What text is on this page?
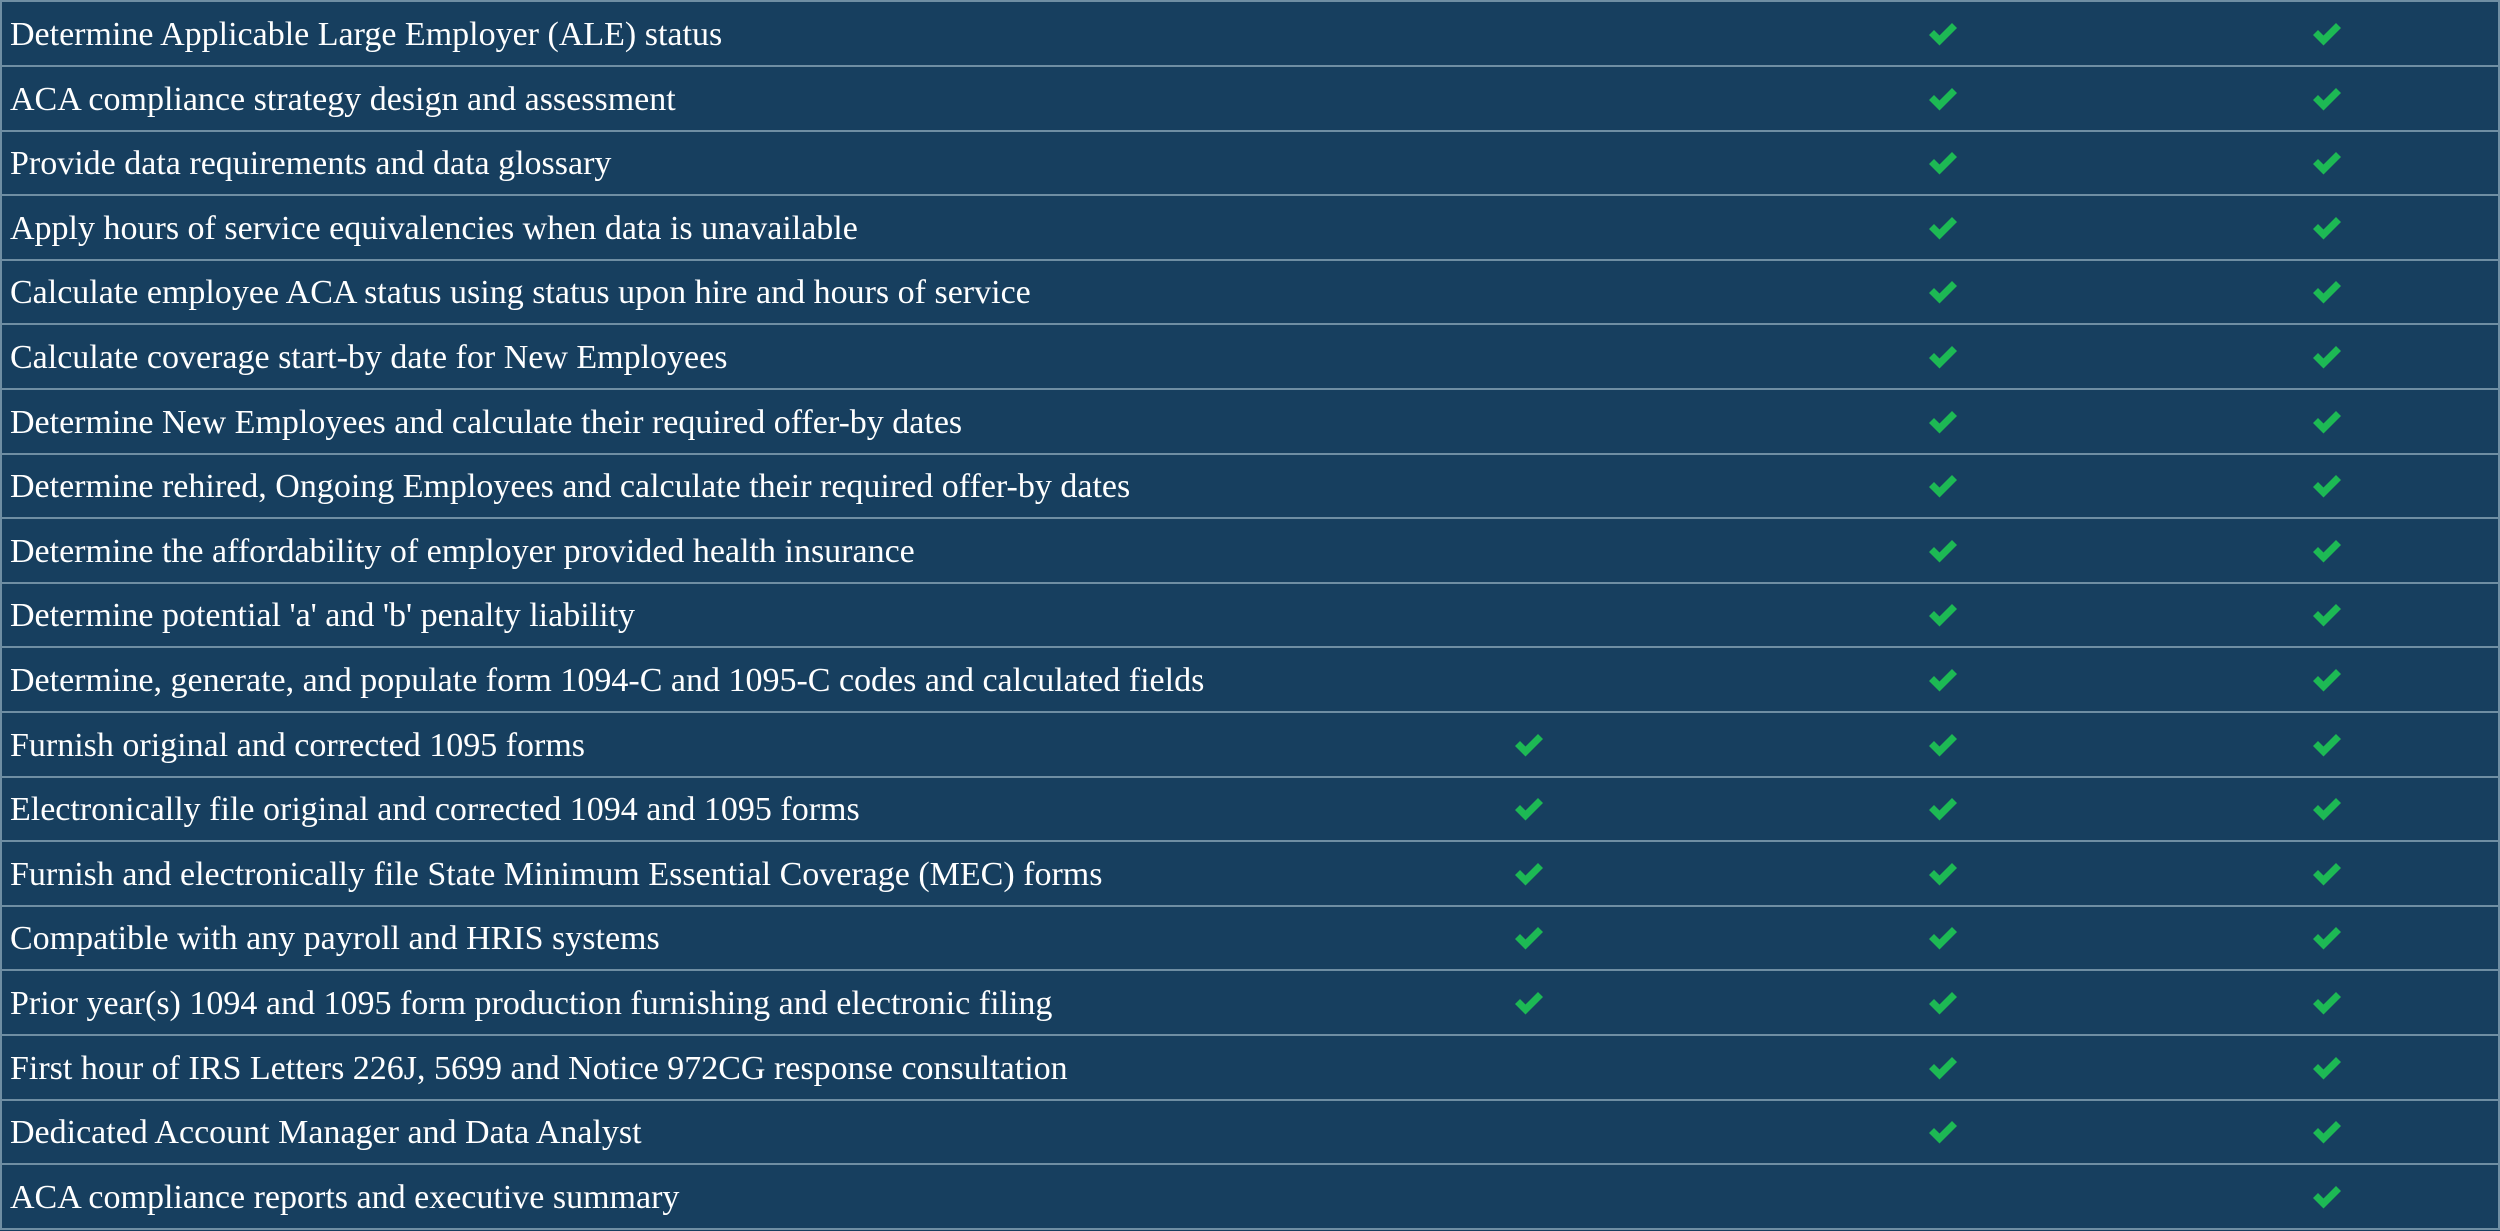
Determine Applicable Large Employer (ALE) status
ACA compliance strategy design and assessment
Provide data requirements and data glossary
Apply hours of service equivalencies when data is unavailable
Calculate employee ACA status using status upon hire and hours of service
Calculate coverage start-by date for New Employees
Determine New Employees and calculate their required offer-by dates
Determine rehired, Ongoing Employees and calculate their required offer-by dates
Determine the affordability of employer provided health insurance
Determine potential 'a' and 'b' penalty liability
Determine, generate, and populate form 1094-C and 1095-C codes and calculated fields
Furnish original and corrected 1095 forms
Electronically file original and corrected 1094 and 1095 forms
Furnish and electronically file State Minimum Essential Coverage (MEC) forms
Compatible with any payroll and HRIS systems
Prior year(s) 1094 and 1095 form production furnishing and electronic filing
First hour of IRS Letters 226J, 5699 and Notice 972CG response consultation
Dedicated Account Manager and Data Analyst
ACA compliance reports and executive summary
